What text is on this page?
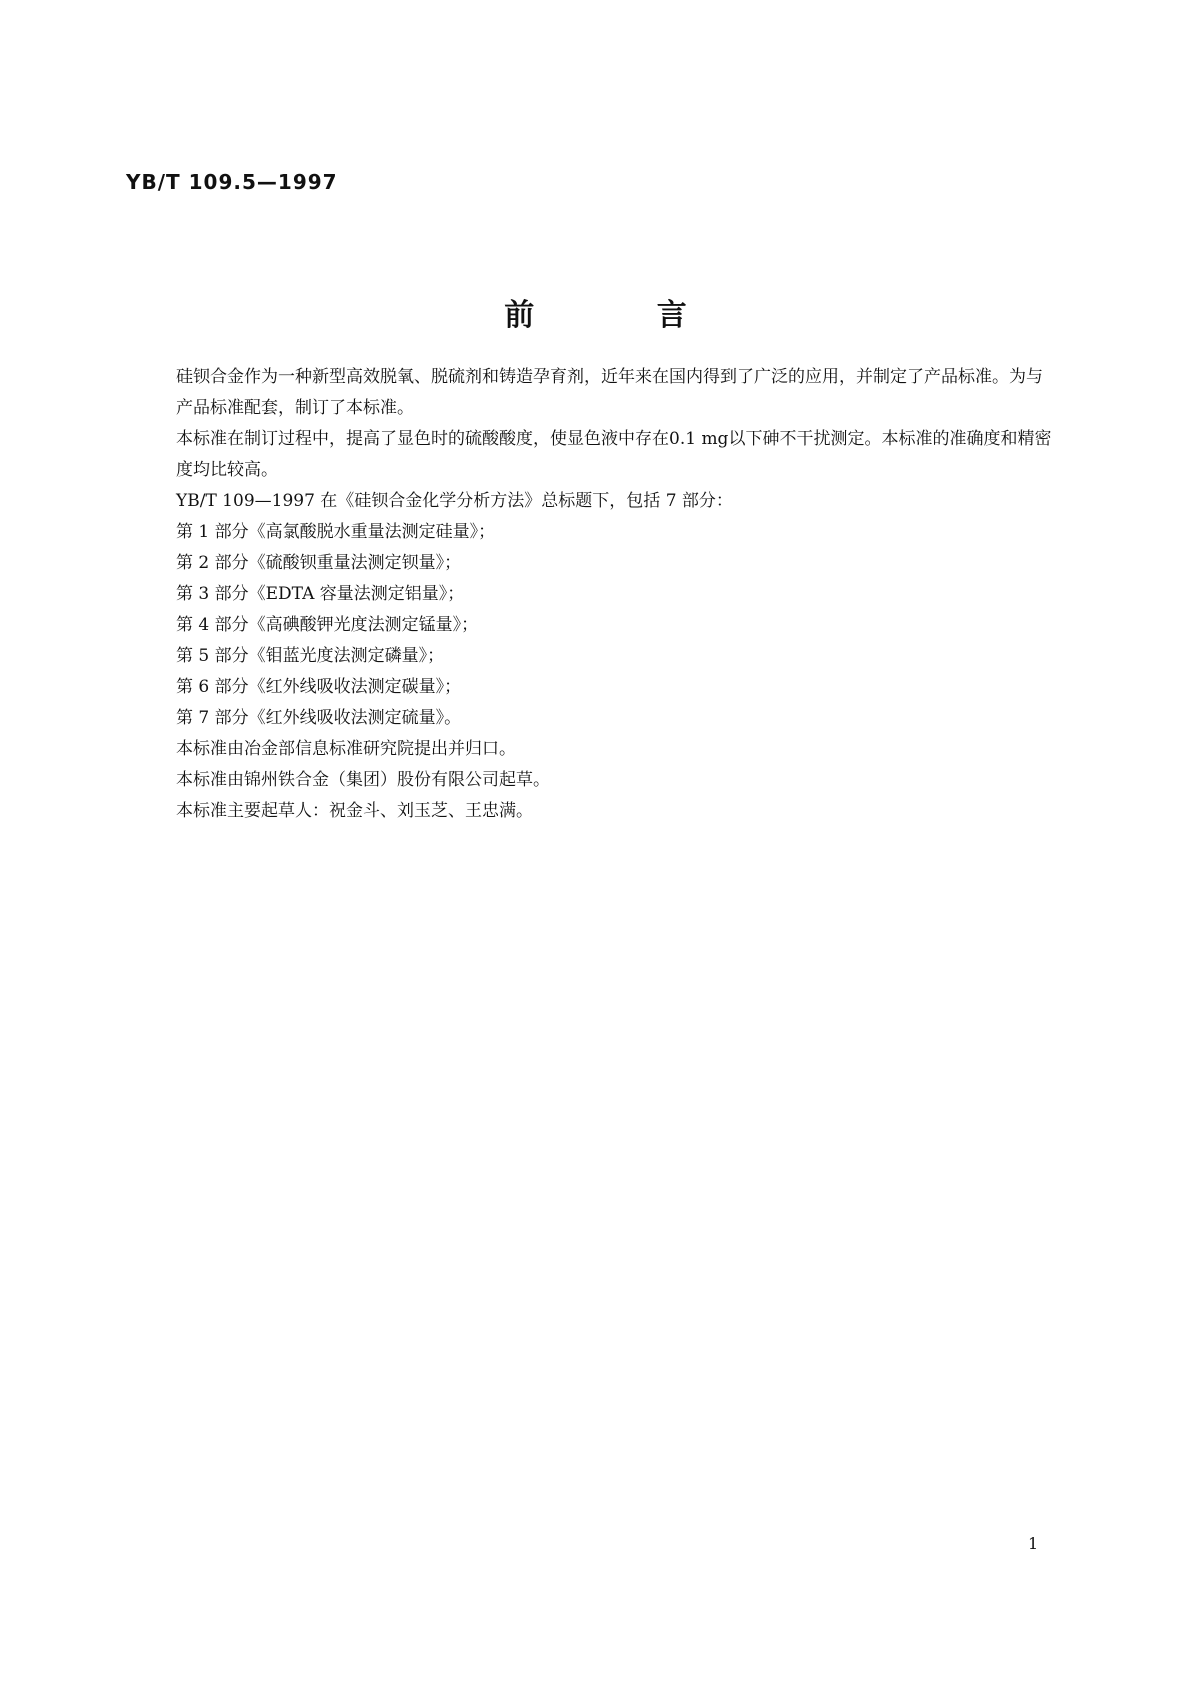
YB/T 109.5—1997

前 言

硅钡合金作为一种新型高效脱氧、脱硫剂和铸造孕育剂，近年来在国内得到了广泛的应用，并制定了产品标准。为与产品标准配套，制订了本标准。

本标准在制订过程中，提高了显色时的硫酸酸度，使显色液中存在0.1 mg以下砷不干扰测定。本标准的准确度和精密度均比较高。

YB/T 109—1997 在《硅钡合金化学分析方法》总标题下，包括 7 部分：

第 1 部分《高氯酸脱水重量法测定硅量》；

第 2 部分《硫酸钡重量法测定钡量》；

第 3 部分《EDTA 容量法测定铝量》；

第 4 部分《高碘酸钾光度法测定锰量》；

第 5 部分《钼蓝光度法测定磷量》；

第 6 部分《红外线吸收法测定碳量》；

第 7 部分《红外线吸收法测定硫量》。

本标准由冶金部信息标准研究院提出并归口。

本标准由锦州铁合金（集团）股份有限公司起草。

本标准主要起草人：祝金斗、刘玉芝、王忠满。

1
